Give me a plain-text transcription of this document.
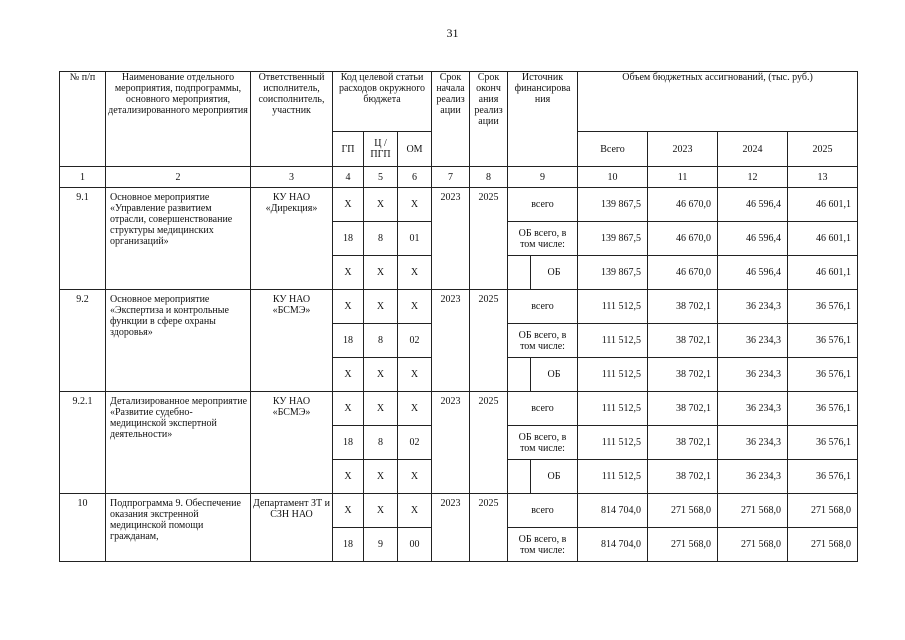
31
№ п/п	Наименование отдельного мероприятия, подпрограммы, основного мероприятия, детализированного мероприятия	Ответственный исполнитель, соисполнитель, участник	Код целевой статьи расходов окружного бюджета			Срок начала реализ ации	Срок оконч ания реализ ации	Источник финансирова ния	Объем бюджетных ассигнований, (тыс. руб.)			
			ГП	Ц / ПГП	ОМ				Всего	2023	2024	2025
1	2	3	4	5	6	7	8	9	10	11	12	13
9.1	Основное мероприятие «Управление развитием отрасли, совершенствование структуры медицинских организаций»	КУ НАО «Дирекция»	Х	Х	Х	2023	2025	всего	139 867,5	46 670,0	46 596,4	46 601,1
			18	8	01			ОБ всего, в том числе:	139 867,5	46 670,0	46 596,4	46 601,1
			Х	Х	Х			ОБ	139 867,5	46 670,0	46 596,4	46 601,1
9.2	Основное мероприятие «Экспертиза и контрольные функции в сфере охраны здоровья»	КУ НАО «БСМЭ»	Х	Х	Х	2023	2025	всего	111 512,5	38 702,1	36 234,3	36 576,1
			18	8	02			ОБ всего, в том числе:	111 512,5	38 702,1	36 234,3	36 576,1
			Х	Х	Х			ОБ	111 512,5	38 702,1	36 234,3	36 576,1
9.2.1	Детализированное мероприятие «Развитие судебно-медицинской экспертной деятельности»	КУ НАО «БСМЭ»	Х	Х	Х	2023	2025	всего	111 512,5	38 702,1	36 234,3	36 576,1
			18	8	02			ОБ всего, в том числе:	111 512,5	38 702,1	36 234,3	36 576,1
			Х	Х	Х			ОБ	111 512,5	38 702,1	36 234,3	36 576,1
10	Подпрограмма 9. Обеспечение оказания экстренной медицинской помощи гражданам,	Департамент ЗТ и СЗН НАО	Х	Х	Х	2023	2025	всего	814 704,0	271 568,0	271 568,0	271 568,0
			18	9	00			ОБ всего, в том числе:	814 704,0	271 568,0	271 568,0	271 568,0
